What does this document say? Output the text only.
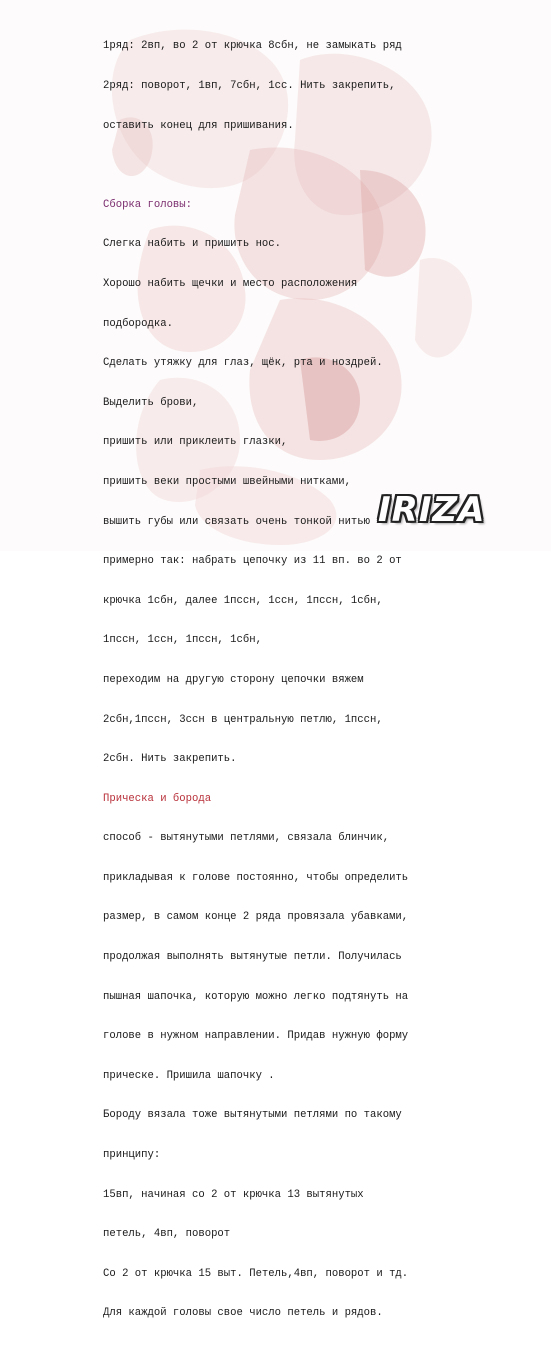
1ряд: 2вп, во 2 от крючка 8сбн, не замыкать ряд

2ряд: поворот, 1вп, 7сбн, 1сс. Нить закрепить,

оставить конец для пришивания.

Сборка головы:

Слегка набить и пришить нос.

Хорошо набить щечки и место расположения

подбородка.

Сделать утяжку для глаз, щёк, рта и ноздрей.

Выделить брови,

пришить или приклеить глазки,

пришить веки простыми швейными нитками,

вышить губы или связать очень тонкой нитью

примерно так: набрать цепочку из 11 вп. во 2 от

крючка 1сбн, далее 1пссн, 1ссн, 1пссн, 1сбн,

1пссн, 1ссн, 1пссн, 1сбн,

переходим на другую сторону цепочки вяжем

2сбн,1пссн, 3ссн в центральную петлю, 1пссн,

2сбн. Нить закрепить.

Прическа и борода

способ - вытянутыми петлями, связала блинчик,

прикладывая к голове постоянно, чтобы определить

размер, в самом конце 2 ряда провязала убавками,

продолжая выполнять вытянутые петли. Получилась

пышная шапочка, которую можно легко подтянуть на

голове в нужном направлении. Придав нужную форму

прическе. Пришила шапочку .

Бороду вязала тоже вытянутыми петлями по такому

принципу:

15вп, начиная со 2 от крючка 13 вытянутых

петель, 4вп, поворот

Со 2 от крючка 15 выт. Петель,4вп, поворот и тд.

Для каждой головы свое число петель и рядов.

IRIZA
